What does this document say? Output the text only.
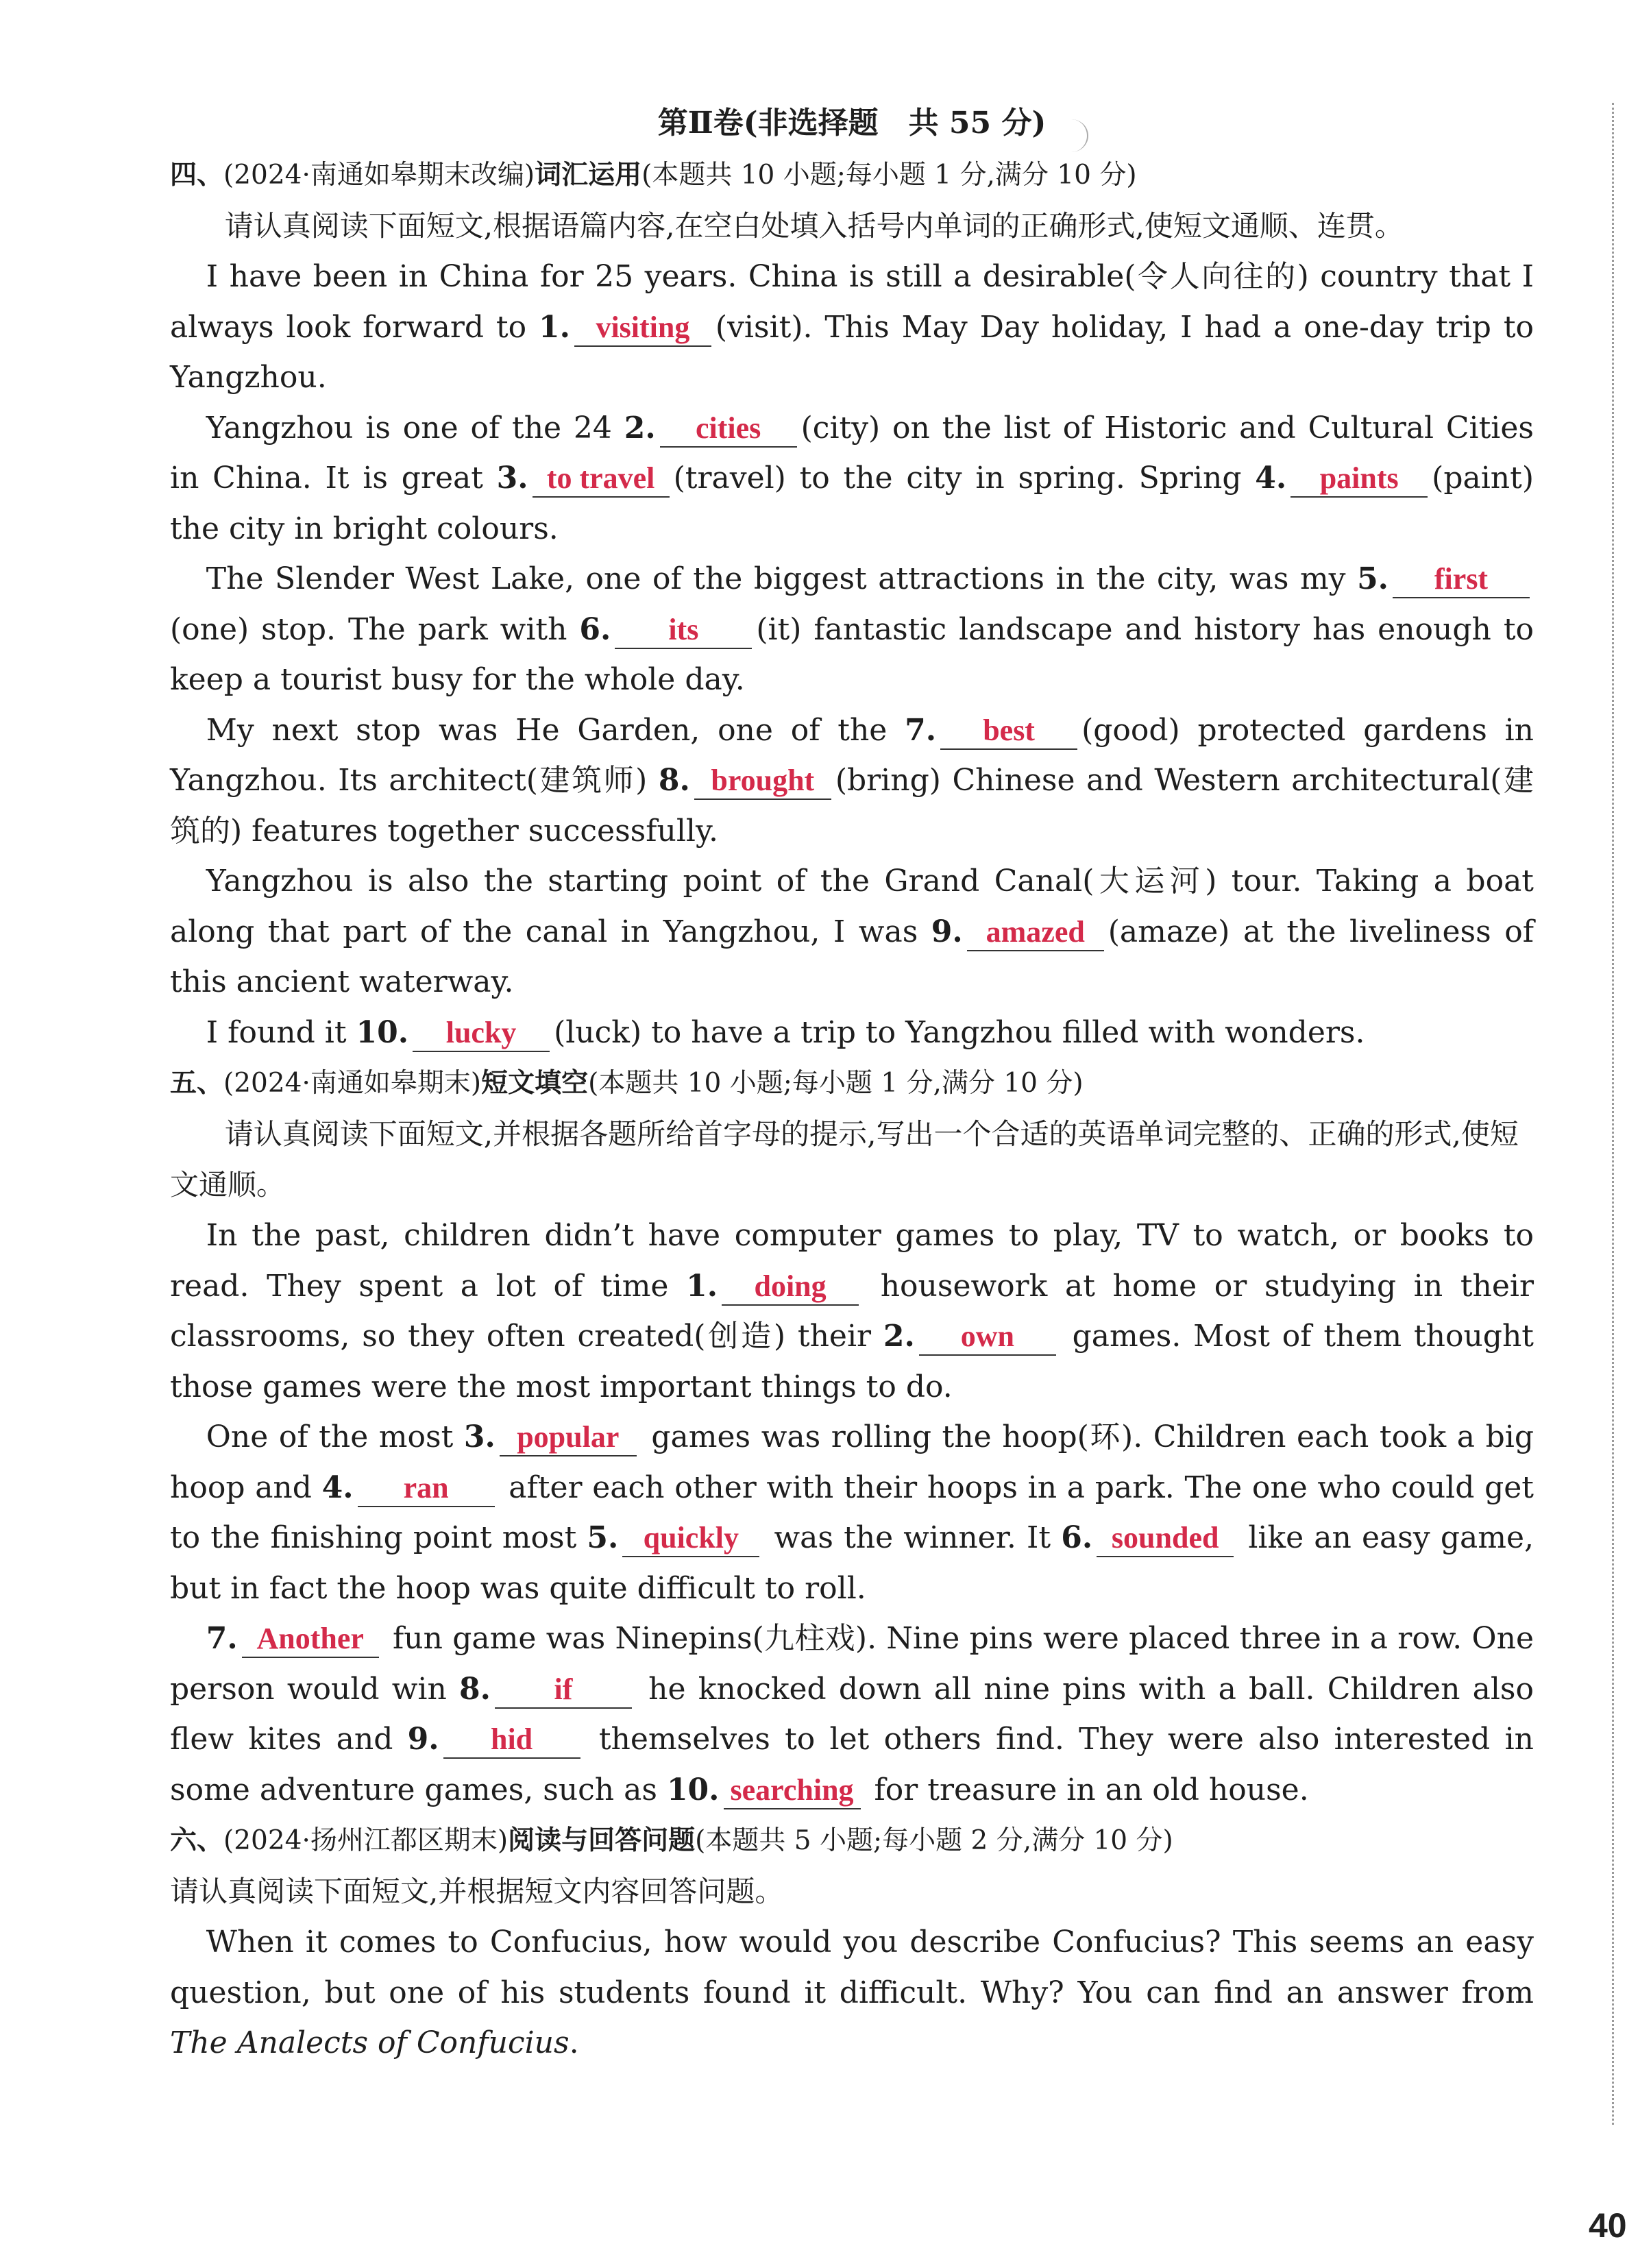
第Ⅱ卷(非选择题　共 55 分)
四、(2024·南通如皋期末改编)词汇运用(本题共 10 小题;每小题 1 分,满分 10 分)
请认真阅读下面短文,根据语篇内容,在空白处填入括号内单词的正确形式,使短文通顺、连贯。
I have been in China for 25 years. China is still a desirable(令人向往的) country that I always look forward to 1. visiting (visit). This May Day holiday, I had a one-day trip to Yangzhou.
Yangzhou is one of the 24 2. cities (city) on the list of Historic and Cultural Cities in China. It is great 3. to travel (travel) to the city in spring. Spring 4. paints (paint) the city in bright colours.
The Slender West Lake, one of the biggest attractions in the city, was my 5. first(one) stop. The park with 6. its (it) fantastic landscape and history has enough to keep a tourist busy for the whole day.
My next stop was He Garden, one of the 7. best (good) protected gardens in Yangzhou. Its architect(建筑师) 8. brought (bring) Chinese and Western architectural(建筑的) features together successfully.
Yangzhou is also the starting point of the Grand Canal(大运河) tour. Taking a boat along that part of the canal in Yangzhou, I was 9. amazed (amaze) at the liveliness of this ancient waterway.
I found it 10. lucky (luck) to have a trip to Yangzhou filled with wonders.
五、(2024·南通如皋期末)短文填空(本题共 10 小题;每小题 1 分,满分 10 分)
请认真阅读下面短文,并根据各题所给首字母的提示,写出一个合适的英语单词完整的、正确的形式,使短文通顺。
In the past, children didn’t have computer games to play, TV to watch, or books to read. They spent a lot of time 1. doing housework at home or studying in their classrooms, so they often created(创造) their 2. own games. Most of them thought those games were the most important things to do.
One of the most 3. popular games was rolling the hoop(环). Children each took a big hoop and 4. ran after each other with their hoops in a park. The one who could get to the finishing point most 5. quickly was the winner. It 6. sounded like an easy game, but in fact the hoop was quite difficult to roll.
7. Another fun game was Ninepins(九柱戏). Nine pins were placed three in a row. One person would win 8. if he knocked down all nine pins with a ball. Children also flew kites and 9. hid themselves to let others find. They were also interested in some adventure games, such as 10. searching for treasure in an old house.
六、(2024·扬州江都区期末)阅读与回答问题(本题共 5 小题;每小题 2 分,满分 10 分)
请认真阅读下面短文,并根据短文内容回答问题。
When it comes to Confucius, how would you describe Confucius? This seems an easy question, but one of his students found it difficult. Why? You can find an answer from The Analects of Confucius.
40
